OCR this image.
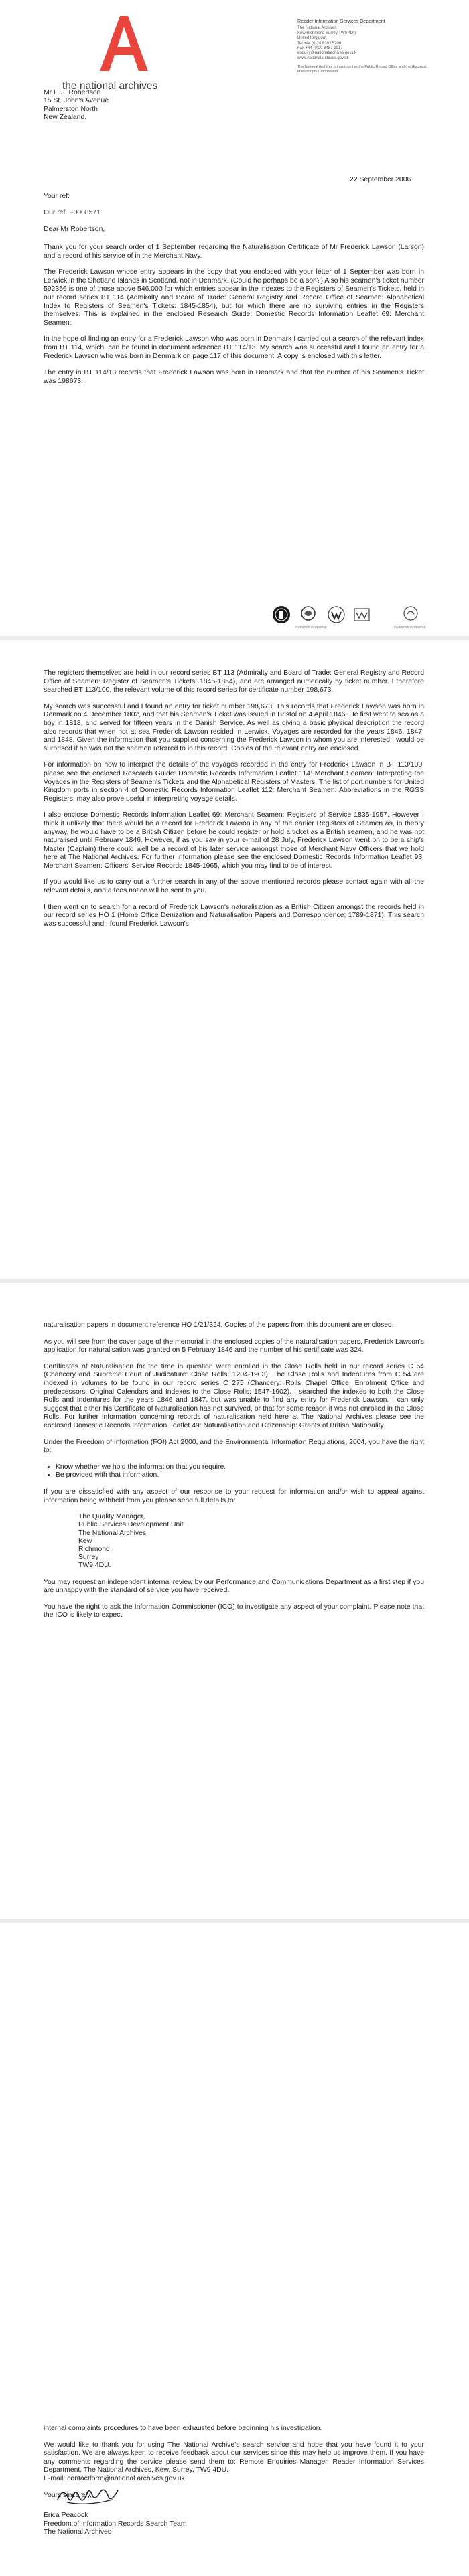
the national archives
Reader Information Services Department
The National Archives
Kew Richmond Surrey TW9 4DU
United Kingdom
Tel +44 (0)20 8392 5200
Fax +44 (0)20 8487 1917
enquiry@nationalarchives.gov.uk
www.nationalarchives.gov.uk
The National Archives brings together the Public Record Office and the Historical Manuscripts Commission
Mr L. J. Robertson
15 St. John's Avenue
Palmerston North
New Zealand.
22 September 2006
Your ref:
Our ref. F0008571
Dear Mr Robertson,

Thank you for your search order of 1 September regarding the Naturalisation Certificate of Mr Frederick Lawson (Larson) and a record of his service of in the Merchant Navy.

The Frederick Lawson whose entry appears in the copy that you enclosed with your letter of 1 September was born in Lerwick in the Shetland Islands in Scotland, not in Denmark. (Could he perhaps be a son?) Also his seamen's ticket number 592356 is one of those above 546,000 for which entries appear in the indexes to the Registers of Seamen's Tickets, held in our record series BT 114 (Admiralty and Board of Trade: General Registry and Record Office of Seamen: Alphabetical Index to Registers of Seamen's Tickets: 1845-1854), but for which there are no surviving entries in the Registers themselves. This is explained in the enclosed Research Guide: Domestic Records Information Leaflet 69: Merchant Seamen:

In the hope of finding an entry for a Frederick Lawson who was born in Denmark I carried out a search of the relevant index from BT 114, which, can be found in document reference BT 114/13. My search was successful and I found an entry for a Frederick Lawson who was born in Denmark on page 117 of this document. A copy is enclosed with this letter.

The entry in BT 114/13 records that Frederick Lawson was born in Denmark and that the number of his Seamen's Ticket was 198673.

INVESTOR IN PEOPLE	INVESTOR IN PEOPLE

The registers themselves are held in our record series BT 113 (Admiralty and Board of Trade: General Registry and Record Office of Seamen: Register of Seamen's Tickets: 1845-1854), and are arranged numerically by ticket number. I therefore searched BT 113/100, the relevant volume of this record series for certificate number 198,673.

My search was successful and I found an entry for ticket number 198,673. This records that Frederick Lawson was born in Denmark on 4 December 1802, and that his Seamen's Ticket was issued in Bristol on 4 April 1846. He first went to sea as a boy in 1818, and served for fifteen years in the Danish Service. As well as giving a basic physical description the record also records that when not at sea Frederick Lawson resided in Lerwick. Voyages are recorded for the years 1846, 1847, and 1848. Given the information that you supplied concerning the Frederick Lawson in whom you are interested I would be surprised if he was not the seamen referred to in this record. Copies of the relevant entry are enclosed.

For information on how to interpret the details of the voyages recorded in the entry for Frederick Lawson in BT 113/100, please see the enclosed Research Guide: Domestic Records Information Leaflet 114: Merchant Seamen: Interpreting the Voyages in the Registers of Seamen's Tickets and the Alphabetical Registers of Masters. The list of port numbers for United Kingdom ports in section 4 of Domestic Records Information Leaflet 112: Merchant Seamen: Abbreviations in the RGSS Registers, may also prove useful in interpreting voyage details.

I also enclose Domestic Records Information Leaflet 69: Merchant Seamen: Registers of Service 1835-1957. However I think it unlikely that there would be a record for Frederick Lawson in any of the earlier Registers of Seamen as, in theory anyway, he would have to be a British Citizen before he could register or hold a ticket as a British seamen, and he was not naturalised until February 1846. However, if as you say in your e-mail of 28 July, Frederick Lawson went on to be a ship's Master (Captain) there could well be a record of his later service amongst those of Merchant Navy Officers that we hold here at The National Archives. For further information please see the enclosed Domestic Records Information Leaflet 93: Merchant Seamen: Officers' Service Records 1845-1965, which you may find to be of interest.

If you would like us to carry out a further search in any of the above mentioned records please contact again with all the relevant details, and a fees notice will be sent to you.

I then went on to search for a record of Frederick Lawson's naturalisation as a British Citizen amongst the records held in our record series HO 1 (Home Office Denization and Naturalisation Papers and Correspondence: 1789-1871). This search was successful and I found Frederick Lawson's

naturalisation papers in document reference HO 1/21/324. Copies of the papers from this document are enclosed.

As you will see from the cover page of the memorial in the enclosed copies of the naturalisation papers, Frederick Lawson's application for naturalisation was granted on 5 February 1846 and the number of his certificate was 324.

Certificates of Naturalisation for the time in question were enrolled in the Close Rolls held in our record series C 54 (Chancery and Supreme Court of Judicature: Close Rolls: 1204-1903). The Close Rolls and Indentures from C 54 are indexed in volumes to be found in our record series C 275 (Chancery: Rolls Chapel Office, Enrolment Office and predecessors: Original Calendars and Indexes to the Close Rolls: 1547-1902). I searched the indexes to both the Close Rolls and Indentures for the years 1846 and 1847, but was unable to find any entry for Frederick Lawson. I can only suggest that either his Certificate of Naturalisation has not survived, or that for some reason it was not enrolled in the Close Rolls. For further information concerning records of naturalisation held here at The National Archives please see the enclosed Domestic Records Information Leaflet 49: Naturalisation and Citizenship: Grants of British Nationality.

Under the Freedom of Information (FOI) Act 2000, and the Environmental Information Regulations, 2004, you have the right to:

• Know whether we hold the information that you require.
• Be provided with that information.

If you are dissatisfied with any aspect of our response to your request for information and/or wish to appeal against information being withheld from you please send full details to:

The Quality Manager,
Public Services Development Unit
The National Archives
Kew
Richmond
Surrey
TW9 4DU.

You may request an independent internal review by our Performance and Communications Department as a first step if you are unhappy with the standard of service you have received.

You have the right to ask the Information Commissioner (ICO) to investigate any aspect of your complaint. Please note that the ICO is likely to expect

internal complaints procedures to have been exhausted before beginning his investigation.

We would like to thank you for using The National Archive's search service and hope that you have found it to your satisfaction. We are always keen to receive feedback about our services since this may help us improve them. If you have any comments regarding the service please send them to: Remote Enquiries Manager, Reader Information Services Department, The National Archives, Kew, Surrey, TW9 4DU.
E-mail: contactform@national archives.gov.uk

Yours sincerely,

Erica Peacock
Freedom of Information Records Search Team
The National Archives
